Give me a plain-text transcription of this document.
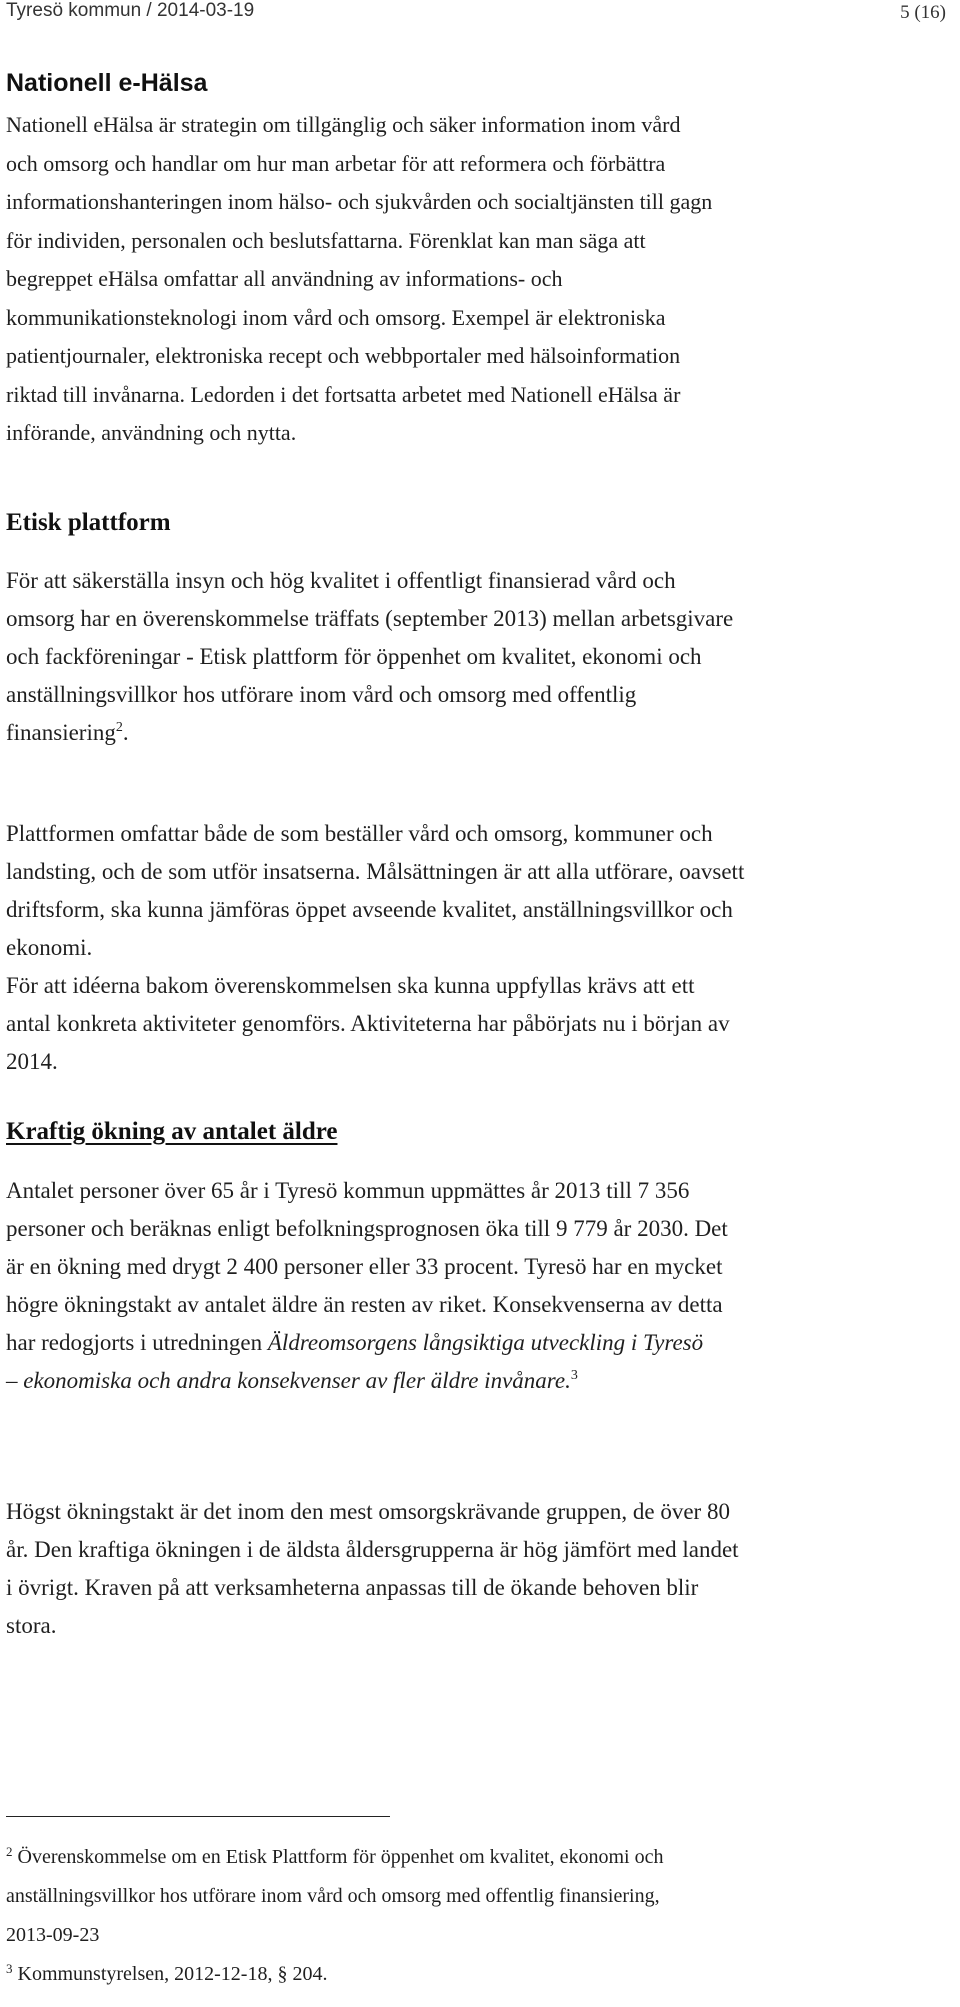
Tyresö kommun / 2014-03-19	5 (16)
Nationell e-Hälsa
Nationell eHälsa är strategin om tillgänglig och säker information inom vård
och omsorg och handlar om hur man arbetar för att reformera och förbättra
informationshanteringen inom hälso- och sjukvården och socialtjänsten till gagn
för individen, personalen och beslutsfattarna. Förenklat kan man säga att
begreppet eHälsa omfattar all användning av informations- och
kommunikationsteknologi inom vård och omsorg. Exempel är elektroniska
patientjournaler, elektroniska recept och webbportaler med hälsoinformation
riktad till invånarna. Ledorden i det fortsatta arbetet med Nationell eHälsa är
införande, användning och nytta.
Etisk plattform
För att säkerställa insyn och hög kvalitet i offentligt finansierad vård och
omsorg har en överenskommelse träffats (september 2013) mellan arbetsgivare
och fackföreningar - Etisk plattform för öppenhet om kvalitet, ekonomi och
anställningsvillkor hos utförare inom vård och omsorg med offentlig
finansiering$^2$.
Plattformen omfattar både de som beställer vård och omsorg, kommuner och
landsting, och de som utför insatserna. Målsättningen är att alla utförare, oavsett
driftsform, ska kunna jämföras öppet avseende kvalitet, anställningsvillkor och
ekonomi.
För att idéerna bakom överenskommelsen ska kunna uppfyllas krävs att ett
antal konkreta aktiviteter genomförs. Aktiviteterna har påbörjats nu i början av
2014.
Kraftig ökning av antalet äldre
Antalet personer över 65 år i Tyresö kommun uppmättes år 2013 till 7 356
personer och beräknas enligt befolkningsprognosen öka till 9 779 år 2030. Det
är en ökning med drygt 2 400 personer eller 33 procent. Tyresö har en mycket
högre ökningstakt av antalet äldre än resten av riket. Konsekvenserna av detta
har redogjorts i utredningen Äldreomsorgens långsiktiga utveckling i Tyresö
– ekonomiska och andra konsekvenser av fler äldre invånare.$^3$
Högst ökningstakt är det inom den mest omsorgskrävande gruppen, de över 80
år. Den kraftiga ökningen i de äldsta åldersgrupperna är hög jämfört med landet
i övrigt. Kraven på att verksamheterna anpassas till de ökande behoven blir
stora.
$^2$ Överenskommelse om en Etisk Plattform för öppenhet om kvalitet, ekonomi och
anställningsvillkor hos utförare inom vård och omsorg med offentlig finansiering,
2013-09-23
$^3$ Kommunstyrelsen, 2012-12-18, § 204.
